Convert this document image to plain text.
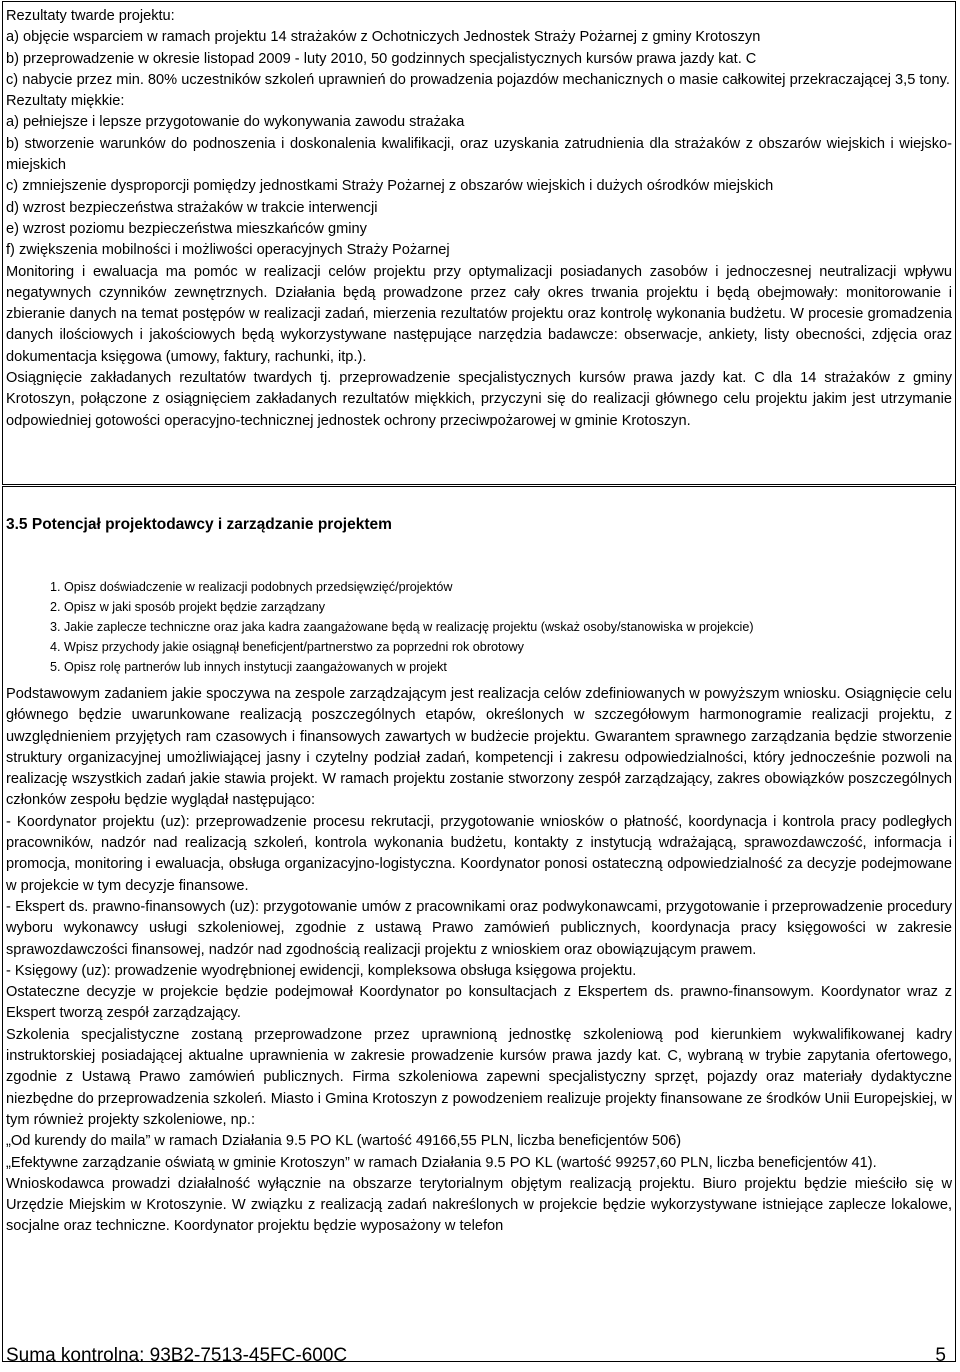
Rezultaty twarde projektu:

a) objęcie wsparciem w ramach projektu 14 strażaków z Ochotniczych Jednostek Straży Pożarnej z gminy Krotoszyn

b) przeprowadzenie w okresie listopad 2009 - luty 2010, 50 godzinnych specjalistycznych kursów prawa jazdy kat. C

c) nabycie przez min. 80% uczestników szkoleń uprawnień do prowadzenia pojazdów mechanicznych o masie całkowitej przekraczającej 3,5 tony.

Rezultaty miękkie:

a) pełniejsze i lepsze przygotowanie do wykonywania zawodu strażaka

b) stworzenie warunków do podnoszenia i doskonalenia kwalifikacji, oraz uzyskania zatrudnienia dla strażaków z obszarów wiejskich i wiejsko-miejskich

c) zmniejszenie dysproporcji pomiędzy jednostkami Straży Pożarnej z obszarów wiejskich i dużych ośrodków miejskich

d) wzrost bezpieczeństwa strażaków w trakcie interwencji

e) wzrost poziomu bezpieczeństwa mieszkańców gminy

f) zwiększenia mobilności i możliwości operacyjnych Straży Pożarnej

Monitoring i ewaluacja ma pomóc w realizacji celów projektu przy optymalizacji posiadanych zasobów i jednoczesnej neutralizacji wpływu negatywnych czynników zewnętrznych. Działania będą prowadzone przez cały okres trwania projektu i będą obejmowały: monitorowanie i zbieranie danych na temat postępów w realizacji zadań, mierzenia rezultatów projektu oraz kontrolę wykonania budżetu. W procesie gromadzenia danych ilościowych i jakościowych będą wykorzystywane następujące narzędzia badawcze: obserwacje, ankiety, listy obecności, zdjęcia oraz dokumentacja księgowa (umowy, faktury, rachunki, itp.).

Osiągnięcie zakładanych rezultatów twardych tj. przeprowadzenie specjalistycznych kursów prawa jazdy kat. C dla 14 strażaków z gminy Krotoszyn, połączone z osiągnięciem zakładanych rezultatów miękkich, przyczyni się do realizacji głównego celu projektu jakim jest utrzymanie odpowiedniej gotowości operacyjno-technicznej jednostek ochrony przeciwpożarowej w gminie Krotoszyn.

3.5 Potencjał projektodawcy i zarządzanie projektem
1. Opisz doświadczenie w realizacji podobnych przedsięwzięć/projektów
2. Opisz w jaki sposób projekt będzie zarządzany
3. Jakie zaplecze techniczne oraz jaka kadra zaangażowane będą w realizację projektu (wskaż osoby/stanowiska w projekcie)
4. Wpisz przychody jakie osiągnął beneficjent/partnerstwo za poprzedni rok obrotowy
5. Opisz rolę partnerów lub innych instytucji zaangażowanych w projekt

Podstawowym zadaniem jakie spoczywa na zespole zarządzającym jest realizacja celów zdefiniowanych w powyższym wniosku. Osiągnięcie celu głównego będzie uwarunkowane realizacją poszczególnych etapów, określonych w szczegółowym harmonogramie realizacji projektu, z uwzględnieniem przyjętych ram czasowych i finansowych zawartych w budżecie projektu. Gwarantem sprawnego zarządzania będzie stworzenie struktury organizacyjnej umożliwiającej jasny i czytelny podział zadań, kompetencji i zakresu odpowiedzialności, który jednocześnie pozwoli na realizację wszystkich zadań jakie stawia projekt. W ramach projektu zostanie stworzony zespół zarządzający, zakres obowiązków poszczególnych członków zespołu będzie wyglądał następująco:

- Koordynator projektu (uz): przeprowadzenie procesu rekrutacji, przygotowanie wniosków o płatność, koordynacja i kontrola pracy podległych pracowników, nadzór nad realizacją szkoleń, kontrola wykonania budżetu, kontakty z instytucją wdrażającą, sprawozdawczość, informacja i promocja, monitoring i ewaluacja, obsługa organizacyjno-logistyczna. Koordynator ponosi ostateczną odpowiedzialność za decyzje podejmowane w projekcie w tym decyzje finansowe.

- Ekspert ds. prawno-finansowych (uz): przygotowanie umów z pracownikami oraz podwykonawcami, przygotowanie i przeprowadzenie procedury wyboru wykonawcy usługi szkoleniowej, zgodnie z ustawą Prawo zamówień publicznych, koordynacja pracy księgowości w zakresie sprawozdawczości finansowej, nadzór nad zgodnością realizacji projektu z wnioskiem oraz obowiązującym prawem.

- Księgowy (uz): prowadzenie wyodrębnionej ewidencji, kompleksowa obsługa księgowa projektu.

Ostateczne decyzje w projekcie będzie podejmował Koordynator po konsultacjach z Ekspertem ds. prawno-finansowym. Koordynator wraz z Ekspert tworzą zespół zarządzający.

Szkolenia specjalistyczne zostaną przeprowadzone przez uprawnioną jednostkę szkoleniową pod kierunkiem wykwalifikowanej kadry instruktorskiej posiadającej aktualne uprawnienia w zakresie prowadzenie kursów prawa jazdy kat. C, wybraną w trybie zapytania ofertowego, zgodnie z Ustawą Prawo zamówień publicznych. Firma szkoleniowa zapewni specjalistyczny sprzęt, pojazdy oraz materiały dydaktyczne niezbędne do przeprowadzenia szkoleń. Miasto i Gmina Krotoszyn z powodzeniem realizuje projekty finansowane ze środków Unii Europejskiej, w tym również projekty szkoleniowe, np.:

„Od kurendy do maila” w ramach Działania 9.5 PO KL (wartość 49166,55 PLN, liczba beneficjentów 506)

„Efektywne zarządzanie oświatą w gminie Krotoszyn” w ramach Działania 9.5 PO KL (wartość 99257,60 PLN, liczba beneficjentów 41).

Wnioskodawca prowadzi działalność wyłącznie na obszarze terytorialnym objętym realizacją projektu. Biuro projektu będzie mieściło się w Urzędzie Miejskim w Krotoszynie. W związku z realizacją zadań nakreślonych w projekcie będzie wykorzystywane istniejące zaplecze lokalowe, socjalne oraz techniczne. Koordynator projektu będzie wyposażony w telefon

Suma kontrolna: 93B2-7513-45FC-600C	5
